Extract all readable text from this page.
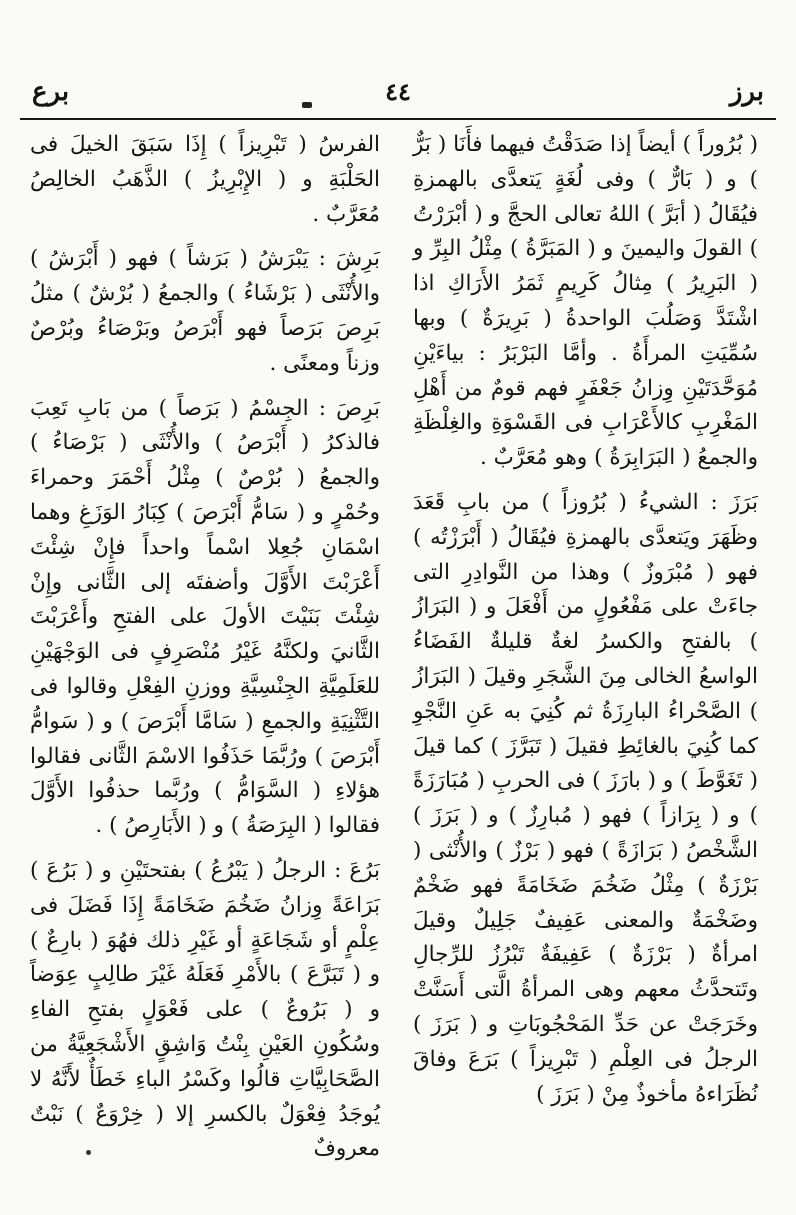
برز
٤٤
برع

( بُرُوراً ) أيضاً إذا صَدَقْتُ فيهما فأَنَا ( بَرٌّ ) و ( بَارٌّ ) وفى لُغَةٍ يَتعدَّى بالهمزةِ فيُقَالُ ( أبَرَّ ) اللهُ تعالى الحجَّ و ( أبْرَرْتُ ) القولَ واليمينَ و ( المَبَرَّةُ ) مِثْلُ البِرِّ و ( البَرِيرُ ) مِثالُ كَرِيمٍ ثَمَرُ الأَرَاكِ اذا اشْتَدَّ وَصَلُبَ الواحدةُ ( بَرِيرَةٌ ) وبها سُمِّيَتِ المرأَةُ . وأمَّا البَرْبَرُ : بياءَيْنِ مُوَحَّدَتَيْنِ وِزانُ جَعْفَرٍ فهم قومٌ من أَهْلِ المَغْرِبِ كالأَعْرَابِ فى القَسْوَةِ والغِلْظَةِ والجمعُ ( البَرَابِرَةُ ) وهو مُعَرَّبٌ .

بَرَزَ : الشيءُ ( بُرُوزاً ) من بابِ قَعَدَ وظَهَرَ ويَتعدَّى بالهمزةِ فيُقَالُ ( أَبْرَزْتُه ) فهو ( مُبْرَوزٌ ) وهذا من النَّوادِرِ التى جاءَتْ على مَفْعُولٍ من أَفْعَلَ و ( البَرَازُ ) بالفتحِ والكسرُ لغةٌ قليلةٌ الفَضَاءُ الواسعُ الخالى مِنَ الشَّجَرِ وقيلَ ( البَرَازُ ) الصَّحْراءُ البارِزَةُ ثم كُنِيَ به عَنِ النَّجْوِ كما كُنِيَ بالغائِطِ فقيلَ ( تَبَرَّزَ ) كما قيلَ ( تَغَوَّطَ ) و ( بارَزَ ) فى الحربِ ( مُبَارَزَةً ) و ( بِرَازاً ) فهو ( مُبارِزٌ ) و ( بَرَزَ ) الشَّخْصُ ( بَرَازَةً ) فهو ( بَرْزٌ ) والأُنْثى ( بَرْزَةٌ ) مِثْلُ ضَخُمَ ضَخَامَةً فهو ضَخْمٌ وضَخْمَةٌ والمعنى عَفِيفٌ جَلِيلٌ وقيلَ امرأةٌ ( بَرْزَةٌ ) عَفِيفَةٌ تَبْرُزُ للرِّجالِ وتَتحدَّثُ معهم وهى المرأةُ الَّتى أَسَنَّتْ وخَرَجَتْ عن حَدِّ المَحْجُوبَاتِ و ( بَرَزَ ) الرجلُ فى العِلْمِ ( تَبْرِيزاً ) بَرَعَ وفاقَ نُظَرَاءهُ مأخوذٌ مِنْ ( بَرَزَ )

الفرسُ ( تَبْرِيزاً ) إِذَا سَبَقَ الخيلَ فى الحَلْبَةِ و ( الإِبْرِيزُ ) الذَّهَبُ الخالِصُ مُعَرَّبٌ .

بَرِشَ : يَبْرَشُ ( بَرَشاً ) فهو ( أَبْرَشُ ) والأُنْثَى ( بَرْشَاءُ ) والجمعُ ( بُرْشٌ ) مثلُ بَرِصَ بَرَصاً فهو أَبْرَصُ وبَرْصَاءُ وبُرْصٌ وزناً ومعنًى .

بَرِصَ : الجِسْمُ ( بَرَصاً ) من بَابِ تَعِبَ فالذكرُ ( أَبْرَصُ ) والأُنْثَى ( بَرْصَاءُ ) والجمعُ ( بُرْصٌ ) مِثْلُ أَحْمَرَ وحمراءَ وحُمْرٍ و ( سَامُّ أَبْرَصَ ) كِبَارُ الوَزَغِ وهما اسْمَانِ جُعِلا اسْماً واحداً فإِنْ شِئْتَ أَعْرَبْتَ الأَوَّلَ وأضفتَه إلى الثَّانى وإِنْ شِئْتَ بَنَيْتَ الأولَ على الفتحِ وأَعْرَبْتَ الثَّانيَ ولكنَّهُ غَيْرُ مُنْصَرِفٍ فى الوَجْهَيْنِ للعَلَمِيَّةِ الجِنْسِيَّةِ ووزنِ الفِعْلِ وقالوا فى التَّثْنِيَةِ والجمعِ ( سَامَّا أَبْرَصَ ) و ( سَوامُّ أَبْرَصَ ) ورُبَّمَا حَذَفُوا الاسْمَ الثَّانى فقالوا هؤلاءِ ( السَّوَامُّ ) ورُبَّما حذفُوا الأَوَّلَ فقالوا ( البِرَصَةُ ) و ( الأَبَارِصُ ) .

بَرُعَ : الرجلُ ( يَبْرُعُ ) بفتحتَيْنِ و ( بَرُعَ ) بَرَاعَةً وِزانُ ضَخُمَ ضَخَامَةً إِذَا فَضَلَ فى عِلْمٍ أو شَجَاعَةٍ أو غَيْرِ ذلك فهُوَ ( بارِعٌ ) و ( تَبَرَّعَ ) بالأَمْرِ فَعَلَهُ غَيْرَ طالِبٍ عِوَضاً و ( بَرُوعٌ ) على فَعْوَلٍ بفتحِ الفاءِ وسُكُونِ العَيْنِ بِنْتُ وَاشِقٍ الأَشْجَعِيَّةُ من الصَّحَابِيَّاتِ قالُوا وكَسْرُ الباءِ خَطَأٌ لأَنَّهُ لا يُوجَدُ فِعْوَلٌ بالكسرِ إلا ( خِرْوَعٌ ) نَبْتٌ معروفٌ
